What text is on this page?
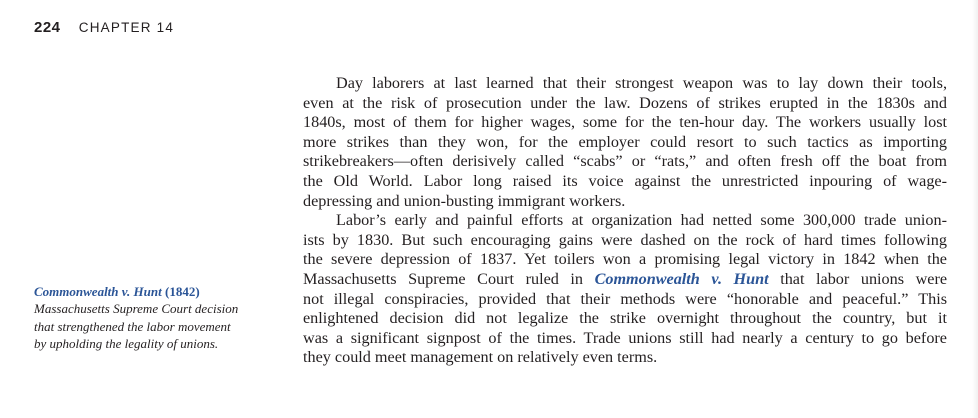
224 CHAPTER 14
Day laborers at last learned that their strongest weapon was to lay down their tools,
even at the risk of prosecution under the law. Dozens of strikes erupted in the 1830s and
1840s, most of them for higher wages, some for the ten-hour day. The workers usually lost
more strikes than they won, for the employer could resort to such tactics as importing
strikebreakers—often derisively called “scabs” or “rats,” and often fresh off the boat from
the Old World. Labor long raised its voice against the unrestricted inpouring of wage-
depressing and union-busting immigrant workers.
Labor’s early and painful efforts at organization had netted some 300,000 trade union-
ists by 1830. But such encouraging gains were dashed on the rock of hard times following
the severe depression of 1837. Yet toilers won a promising legal victory in 1842 when the
Massachusetts Supreme Court ruled in Commonwealth v. Hunt that labor unions were
not illegal conspiracies, provided that their methods were “honorable and peaceful.” This
enlightened decision did not legalize the strike overnight throughout the country, but it
was a significant signpost of the times. Trade unions still had nearly a century to go before
they could meet management on relatively even terms.
Commonwealth v. Hunt (1842)
Massachusetts Supreme Court decision
that strengthened the labor movement
by upholding the legality of unions.
